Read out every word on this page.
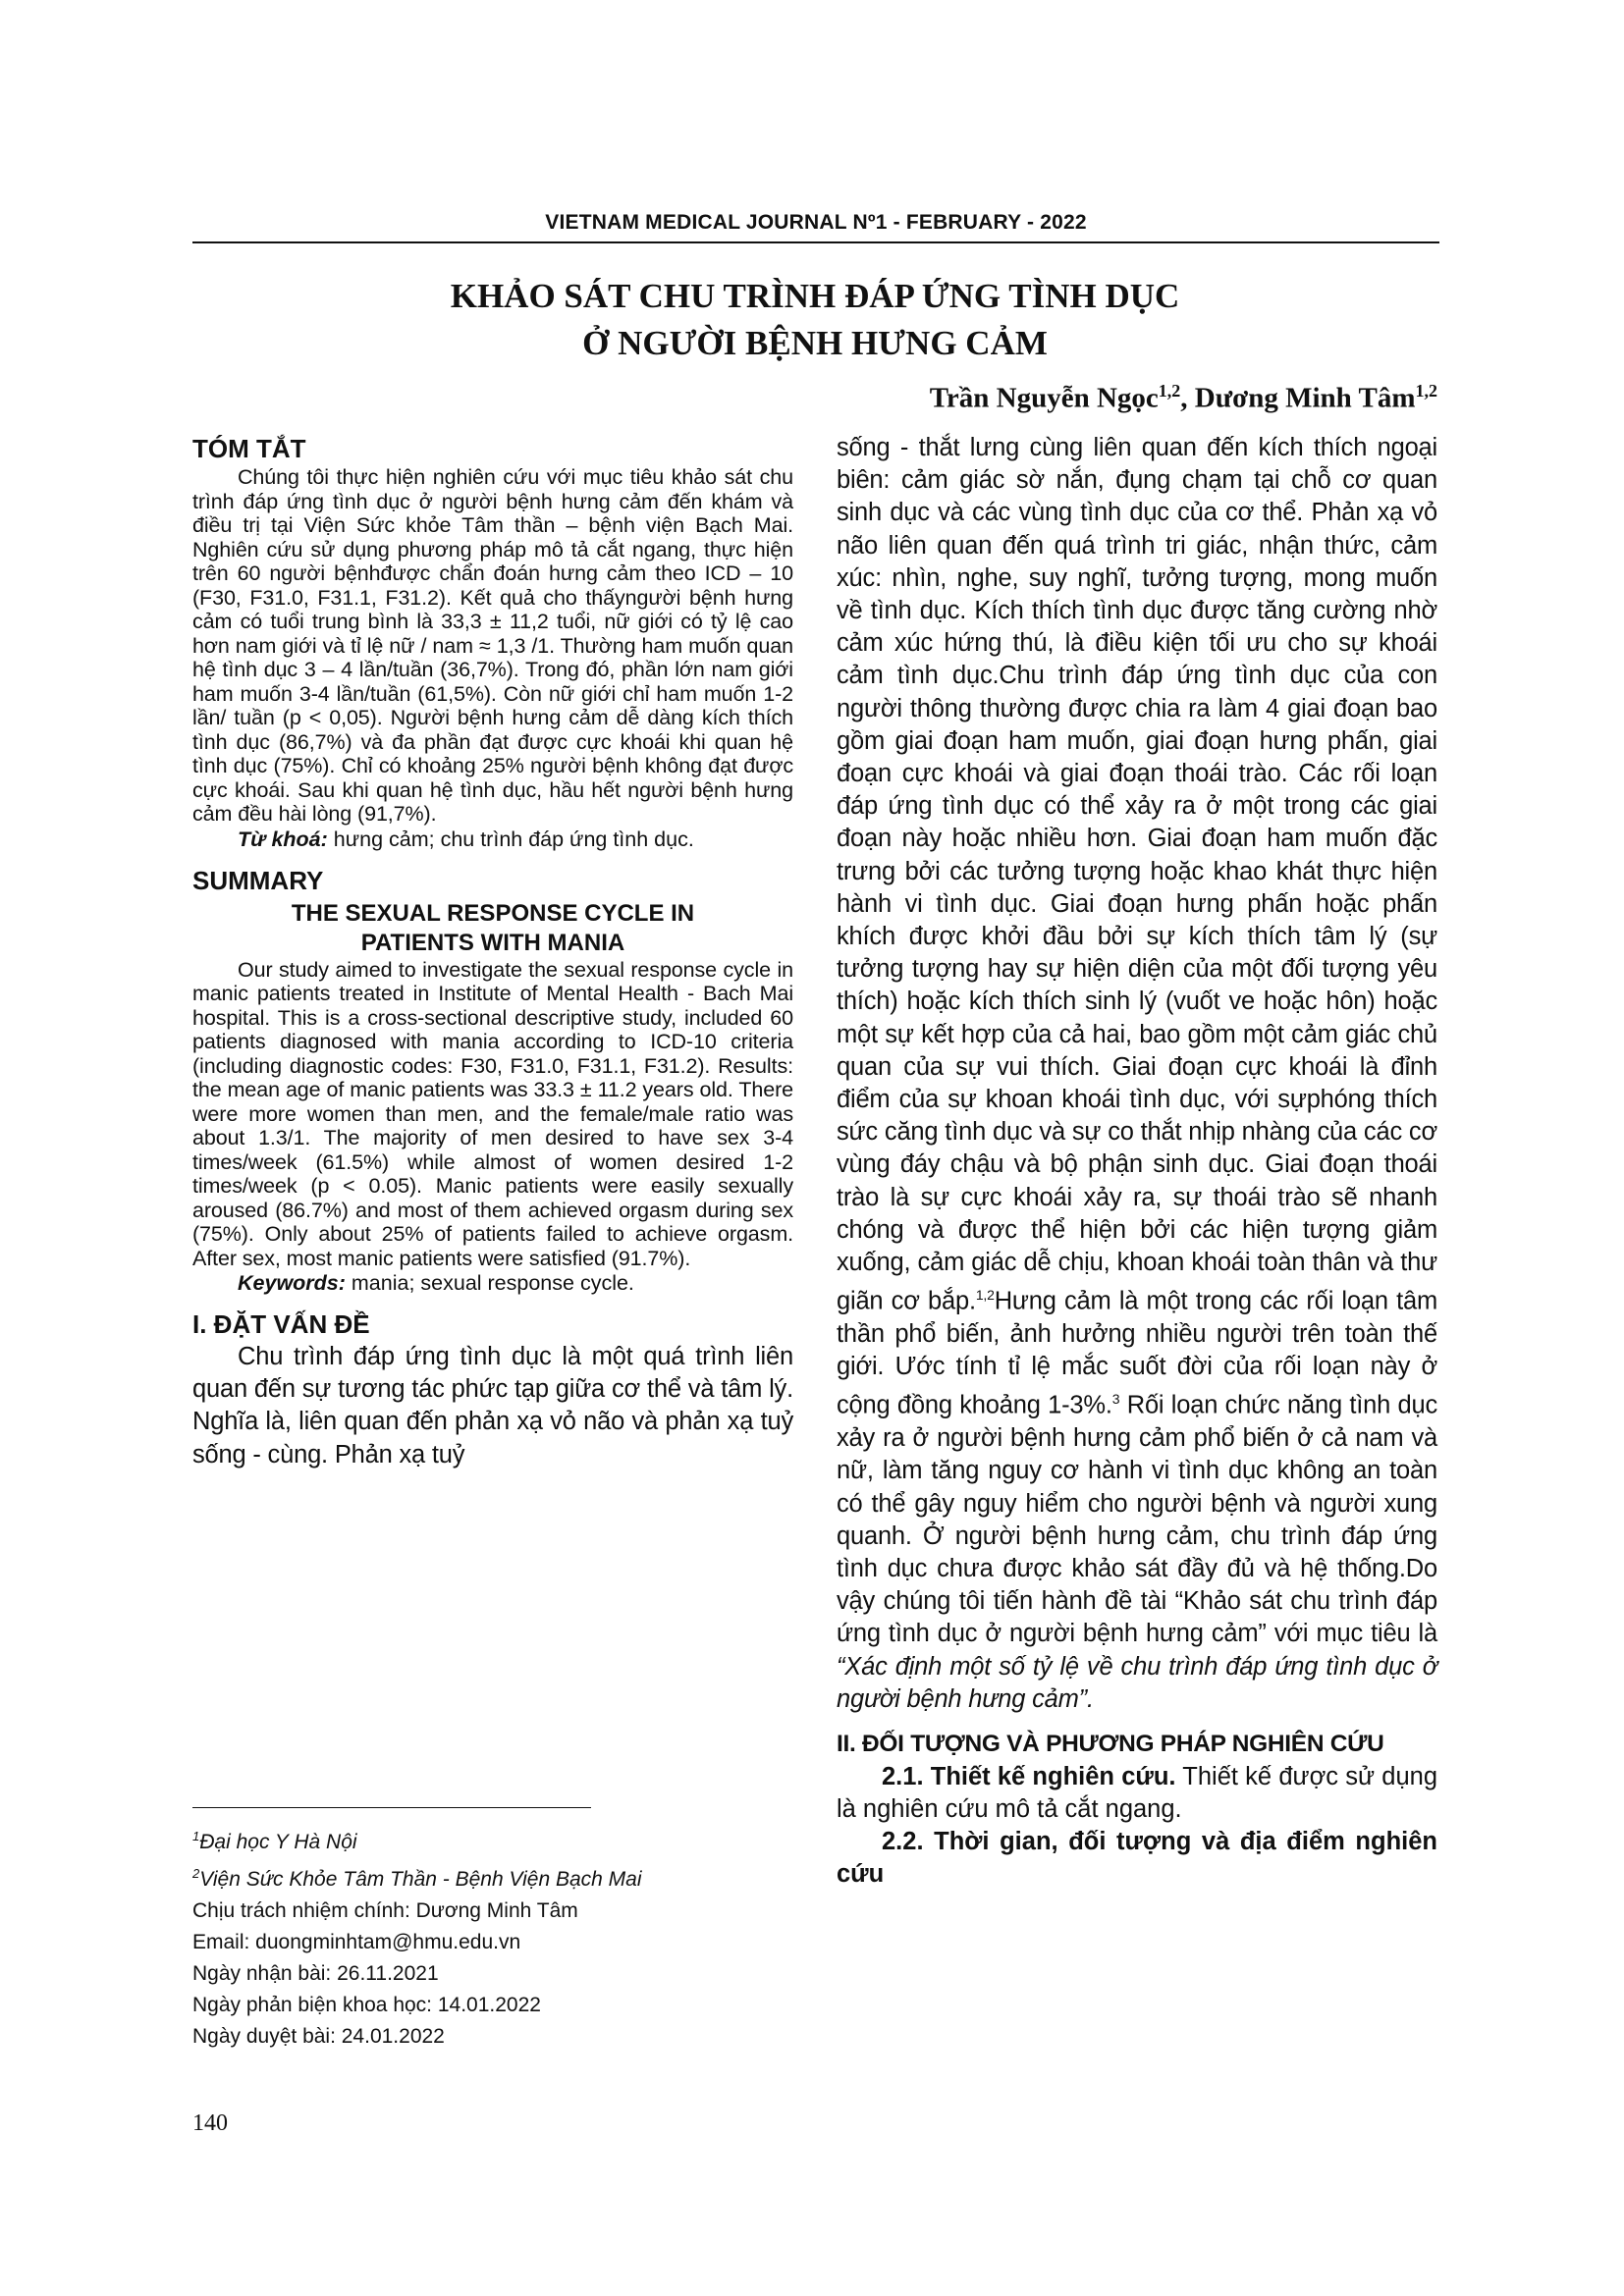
VIETNAM MEDICAL JOURNAL Nº1 - FEBRUARY - 2022
KHẢO SÁT CHU TRÌNH ĐÁP ỨNG TÌNH DỤC
Ở NGƯỜI BỆNH HƯNG CẢM
Trần Nguyễn Ngọc$^{1,2}$, Dương Minh Tâm$^{1,2}$
TÓM TẮT

Chúng tôi thực hiện nghiên cứu với mục tiêu khảo sát chu trình đáp ứng tình dục ở người bệnh hưng cảm đến khám và điều trị tại Viện Sức khỏe Tâm thần – bệnh viện Bạch Mai. Nghiên cứu sử dụng phương pháp mô tả cắt ngang, thực hiện trên 60 người bệnhđược chẩn đoán hưng cảm theo ICD – 10 (F30, F31.0, F31.1, F31.2). Kết quả cho thấyngười bệnh hưng cảm có tuổi trung bình là 33,3 ± 11,2 tuổi, nữ giới có tỷ lệ cao hơn nam giới và tỉ lệ nữ / nam ≈ 1,3 /1. Thường ham muốn quan hệ tình dục 3 – 4 lần/tuần (36,7%). Trong đó, phần lớn nam giới ham muốn 3-4 lần/tuần (61,5%). Còn nữ giới chỉ ham muốn 1-2 lần/ tuần (p < 0,05). Người bệnh hưng cảm dễ dàng kích thích tình dục (86,7%) và đa phần đạt được cực khoái khi quan hệ tình dục (75%). Chỉ có khoảng 25% người bệnh không đạt được cực khoái. Sau khi quan hệ tình dục, hầu hết người bệnh hưng cảm đều hài lòng (91,7%).

Từ khoá: hưng cảm; chu trình đáp ứng tình dục.

SUMMARY
THE SEXUAL RESPONSE CYCLE IN
PATIENTS WITH MANIA

Our study aimed to investigate the sexual response cycle in manic patients treated in Institute of Mental Health - Bach Mai hospital. This is a cross-sectional descriptive study, included 60 patients diagnosed with mania according to ICD-10 criteria (including diagnostic codes: F30, F31.0, F31.1, F31.2). Results: the mean age of manic patients was 33.3 ± 11.2 years old. There were more women than men, and the female/male ratio was about 1.3/1. The majority of men desired to have sex 3-4 times/week (61.5%) while almost of women desired 1-2 times/week (p < 0.05). Manic patients were easily sexually aroused (86.7%) and most of them achieved orgasm during sex (75%). Only about 25% of patients failed to achieve orgasm. After sex, most manic patients were satisfied (91.7%).

Keywords: mania; sexual response cycle.

I. ĐẶT VẤN ĐỀ

Chu trình đáp ứng tình dục là một quá trình liên quan đến sự tương tác phức tạp giữa cơ thể và tâm lý. Nghĩa là, liên quan đến phản xạ vỏ não và phản xạ tuỷ sống - cùng. Phản xạ tuỷ

$^1$Đại học Y Hà Nội
$^2$Viện Sức Khỏe Tâm Thần - Bệnh Viện Bạch Mai
Chịu trách nhiệm chính: Dương Minh Tâm
Email: duongminhtam@hmu.edu.vn
Ngày nhận bài: 26.11.2021
Ngày phản biện khoa học: 14.01.2022
Ngày duyệt bài: 24.01.2022
140

sống - thắt lưng cùng liên quan đến kích thích ngoại biên: cảm giác sờ nắn, đụng chạm tại chỗ cơ quan sinh dục và các vùng tình dục của cơ thể. Phản xạ vỏ não liên quan đến quá trình tri giác, nhận thức, cảm xúc: nhìn, nghe, suy nghĩ, tưởng tượng, mong muốn về tình dục. Kích thích tình dục được tăng cường nhờ cảm xúc hứng thú, là điều kiện tối ưu cho sự khoái cảm tình dục.Chu trình đáp ứng tình dục của con người thông thường được chia ra làm 4 giai đoạn bao gồm giai đoạn ham muốn, giai đoạn hưng phấn, giai đoạn cực khoái và giai đoạn thoái trào. Các rối loạn đáp ứng tình dục có thể xảy ra ở một trong các giai đoạn này hoặc nhiều hơn. Giai đoạn ham muốn đặc trưng bởi các tưởng tượng hoặc khao khát thực hiện hành vi tình dục. Giai đoạn hưng phấn hoặc phấn khích được khởi đầu bởi sự kích thích tâm lý (sự tưởng tượng hay sự hiện diện của một đối tượng yêu thích) hoặc kích thích sinh lý (vuốt ve hoặc hôn) hoặc một sự kết hợp của cả hai, bao gồm một cảm giác chủ quan của sự vui thích. Giai đoạn cực khoái là đỉnh điểm của sự khoan khoái tình dục, với sựphóng thích sức căng tình dục và sự co thắt nhịp nhàng của các cơ vùng đáy chậu và bộ phận sinh dục. Giai đoạn thoái trào là sự cực khoái xảy ra, sự thoái trào sẽ nhanh chóng và được thể hiện bởi các hiện tượng giảm xuống, cảm giác dễ chịu, khoan khoái toàn thân và thư giãn cơ bắp.$^{1,2}$Hưng cảm là một trong các rối loạn tâm thần phổ biến, ảnh hưởng nhiều người trên toàn thế giới. Ước tính tỉ lệ mắc suốt đời của rối loạn này ở cộng đồng khoảng 1-3%.$^3$ Rối loạn chức năng tình dục xảy ra ở người bệnh hưng cảm phổ biến ở cả nam và nữ, làm tăng nguy cơ hành vi tình dục không an toàn có thể gây nguy hiểm cho người bệnh và người xung quanh. Ở người bệnh hưng cảm, chu trình đáp ứng tình dục chưa được khảo sát đầy đủ và hệ thống.Do vậy chúng tôi tiến hành đề tài “Khảo sát chu trình đáp ứng tình dục ở người bệnh hưng cảm” với mục tiêu là “Xác định một số tỷ lệ về chu trình đáp ứng tình dục ở người bệnh hưng cảm”.

II. ĐỐI TƯỢNG VÀ PHƯƠNG PHÁP NGHIÊN CỨU

2.1. Thiết kế nghiên cứu. Thiết kế được sử dụng là nghiên cứu mô tả cắt ngang.

2.2. Thời gian, đối tượng và địa điểm nghiên cứu
